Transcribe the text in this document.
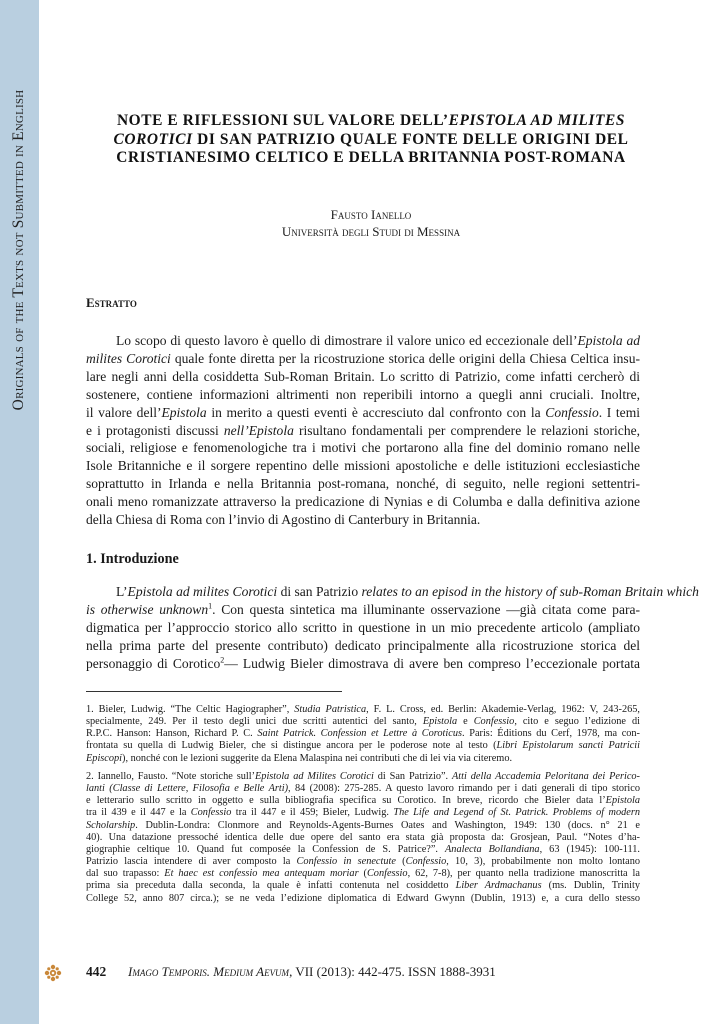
Originals of the Texts not Submitted in English	NOTE E RIFLESSIONI SUL VALORE DELL’EPISTOLA AD MILITES
COROTICI DI SAN PATRIZIO QUALE FONTE DELLE ORIGINI DEL
CRISTIANESIMO CELTICO E DELLA BRITANNIA POST-ROMANA
Fausto Ianello
Università degli Studi di Messina
Estratto
Lo scopo di questo lavoro è quello di dimostrare il valore unico ed eccezionale dell’Epistola ad
milites Corotici quale fonte diretta per la ricostruzione storica delle origini della Chiesa Celtica insu-
lare negli anni della cosiddetta Sub-Roman Britain. Lo scritto di Patrizio, come infatti cercherò di
sostenere, contiene informazioni altrimenti non reperibili intorno a quegli anni cruciali. Inoltre,
il valore dell’Epistola in merito a questi eventi è accresciuto dal confronto con la Confessio. I temi
e i protagonisti discussi nell’Epistola risultano fondamentali per comprendere le relazioni storiche,
sociali, religiose e fenomenologiche tra i motivi che portarono alla fine del dominio romano nelle
Isole Britanniche e il sorgere repentino delle missioni apostoliche e delle istituzioni ecclesiastiche
soprattutto in Irlanda e nella Britannia post-romana, nonché, di seguito, nelle regioni settentri-
onali meno romanizzate attraverso la predicazione di Nynias e di Columba e dalla definitiva azione
della Chiesa di Roma con l’invio di Agostino di Canterbury in Britannia.
1. Introduzione
L’Epistola ad milites Corotici di san Patrizio relates to an episod in the history of sub-Roman Britain which
is otherwise unknown$^1$. Con questa sintetica ma illuminante osservazione —già citata come para-
digmatica per l’approccio storico allo scritto in questione in un mio precedente articolo (ampliato
nella prima parte del presente contributo) dedicato principalmente alla ricostruzione storica del
personaggio di Corotico$^2$— Ludwig Bieler dimostrava di avere ben compreso l’eccezionale portata
1. Bieler, Ludwig. “The Celtic Hagiographer”, Studia Patristica, F. L. Cross, ed. Berlin: Akademie-Verlag, 1962: V, 243-265,
specialmente, 249. Per il testo degli unici due scritti autentici del santo, Epistola e Confessio, cito e seguo l’edizione di
R.P.C. Hanson: Hanson, Richard P. C. Saint Patrick. Confession et Lettre à Coroticus. Paris: Éditions du Cerf, 1978, ma con-
frontata su quella di Ludwig Bieler, che si distingue ancora per le poderose note al testo (Libri Epistolarum sancti Patricii
Episcopi), nonché con le lezioni suggerite da Elena Malaspina nei contributi che di lei via via citeremo.
2. Iannello, Fausto. “Note storiche sull’Epistola ad Milites Corotici di San Patrizio”. Atti della Accademia Peloritana dei Perico-
lanti (Classe di Lettere, Filosofia e Belle Arti), 84 (2008): 275-285. A questo lavoro rimando per i dati generali di tipo storico
e letterario sullo scritto in oggetto e sulla bibliografia specifica su Corotico. In breve, ricordo che Bieler data l’Epistola
tra il 439 e il 447 e la Confessio tra il 447 e il 459; Bieler, Ludwig. The Life and Legend of St. Patrick. Problems of modern
Scholarship. Dublin-Londra: Clonmore and Reynolds-Agents-Burnes Oates and Washington, 1949: 130 (docs. n° 21 e
40). Una datazione pressoché identica delle due opere del santo era stata già proposta da: Grosjean, Paul. “Notes d’ha-
giographie celtique 10. Quand fut composée la Confession de S. Patrice?”. Analecta Bollandiana, 63 (1945): 100-111.
Patrizio lascia intendere di aver composto la Confessio in senectute (Confessio, 10, 3), probabilmente non molto lontano
dal suo trapasso: Et haec est confessio mea antequam moriar (Confessio, 62, 7-8), per quanto nella tradizione manoscritta la
prima sia preceduta dalla seconda, la quale è infatti contenuta nel cosiddetto Liber Ardmachanus (ms. Dublin, Trinity
College 52, anno 807 circa.); se ne veda l’edizione diplomatica di Edward Gwynn (Dublin, 1913) e, a cura dello stesso
442 Imago Temporis. Medium Aevum, VII (2013): 442-475. ISSN 1888-3931
